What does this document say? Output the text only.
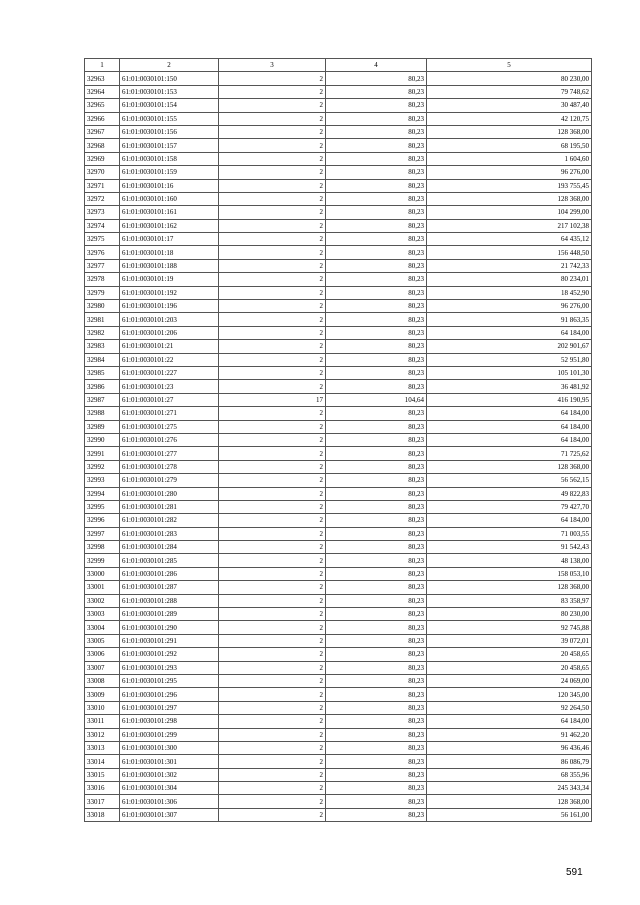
1	2	3	4	5
32963	61:01:0030101:150	2	80,23	80 230,00
32964	61:01:0030101:153	2	80,23	79 748,62
32965	61:01:0030101:154	2	80,23	30 487,40
32966	61:01:0030101:155	2	80,23	42 120,75
32967	61:01:0030101:156	2	80,23	128 368,00
32968	61:01:0030101:157	2	80,23	68 195,50
32969	61:01:0030101:158	2	80,23	1 604,60
32970	61:01:0030101:159	2	80,23	96 276,00
32971	61:01:0030101:16	2	80,23	193 755,45
32972	61:01:0030101:160	2	80,23	128 368,00
32973	61:01:0030101:161	2	80,23	104 299,00
32974	61:01:0030101:162	2	80,23	217 102,38
32975	61:01:0030101:17	2	80,23	64 435,12
32976	61:01:0030101:18	2	80,23	156 448,50
32977	61:01:0030101:188	2	80,23	21 742,33
32978	61:01:0030101:19	2	80,23	80 234,01
32979	61:01:0030101:192	2	80,23	18 452,90
32980	61:01:0030101:196	2	80,23	96 276,00
32981	61:01:0030101:203	2	80,23	91 863,35
32982	61:01:0030101:206	2	80,23	64 184,00
32983	61:01:0030101:21	2	80,23	202 901,67
32984	61:01:0030101:22	2	80,23	52 951,80
32985	61:01:0030101:227	2	80,23	105 101,30
32986	61:01:0030101:23	2	80,23	36 481,92
32987	61:01:0030101:27	17	104,64	416 190,95
32988	61:01:0030101:271	2	80,23	64 184,00
32989	61:01:0030101:275	2	80,23	64 184,00
32990	61:01:0030101:276	2	80,23	64 184,00
32991	61:01:0030101:277	2	80,23	71 725,62
32992	61:01:0030101:278	2	80,23	128 368,00
32993	61:01:0030101:279	2	80,23	56 562,15
32994	61:01:0030101:280	2	80,23	49 822,83
32995	61:01:0030101:281	2	80,23	79 427,70
32996	61:01:0030101:282	2	80,23	64 184,00
32997	61:01:0030101:283	2	80,23	71 003,55
32998	61:01:0030101:284	2	80,23	91 542,43
32999	61:01:0030101:285	2	80,23	48 138,00
33000	61:01:0030101:286	2	80,23	158 053,10
33001	61:01:0030101:287	2	80,23	128 368,00
33002	61:01:0030101:288	2	80,23	83 358,97
33003	61:01:0030101:289	2	80,23	80 230,00
33004	61:01:0030101:290	2	80,23	92 745,88
33005	61:01:0030101:291	2	80,23	39 072,01
33006	61:01:0030101:292	2	80,23	20 458,65
33007	61:01:0030101:293	2	80,23	20 458,65
33008	61:01:0030101:295	2	80,23	24 069,00
33009	61:01:0030101:296	2	80,23	120 345,00
33010	61:01:0030101:297	2	80,23	92 264,50
33011	61:01:0030101:298	2	80,23	64 184,00
33012	61:01:0030101:299	2	80,23	91 462,20
33013	61:01:0030101:300	2	80,23	96 436,46
33014	61:01:0030101:301	2	80,23	86 086,79
33015	61:01:0030101:302	2	80,23	68 355,96
33016	61:01:0030101:304	2	80,23	245 343,34
33017	61:01:0030101:306	2	80,23	128 368,00
33018	61:01:0030101:307	2	80,23	56 161,00
591
